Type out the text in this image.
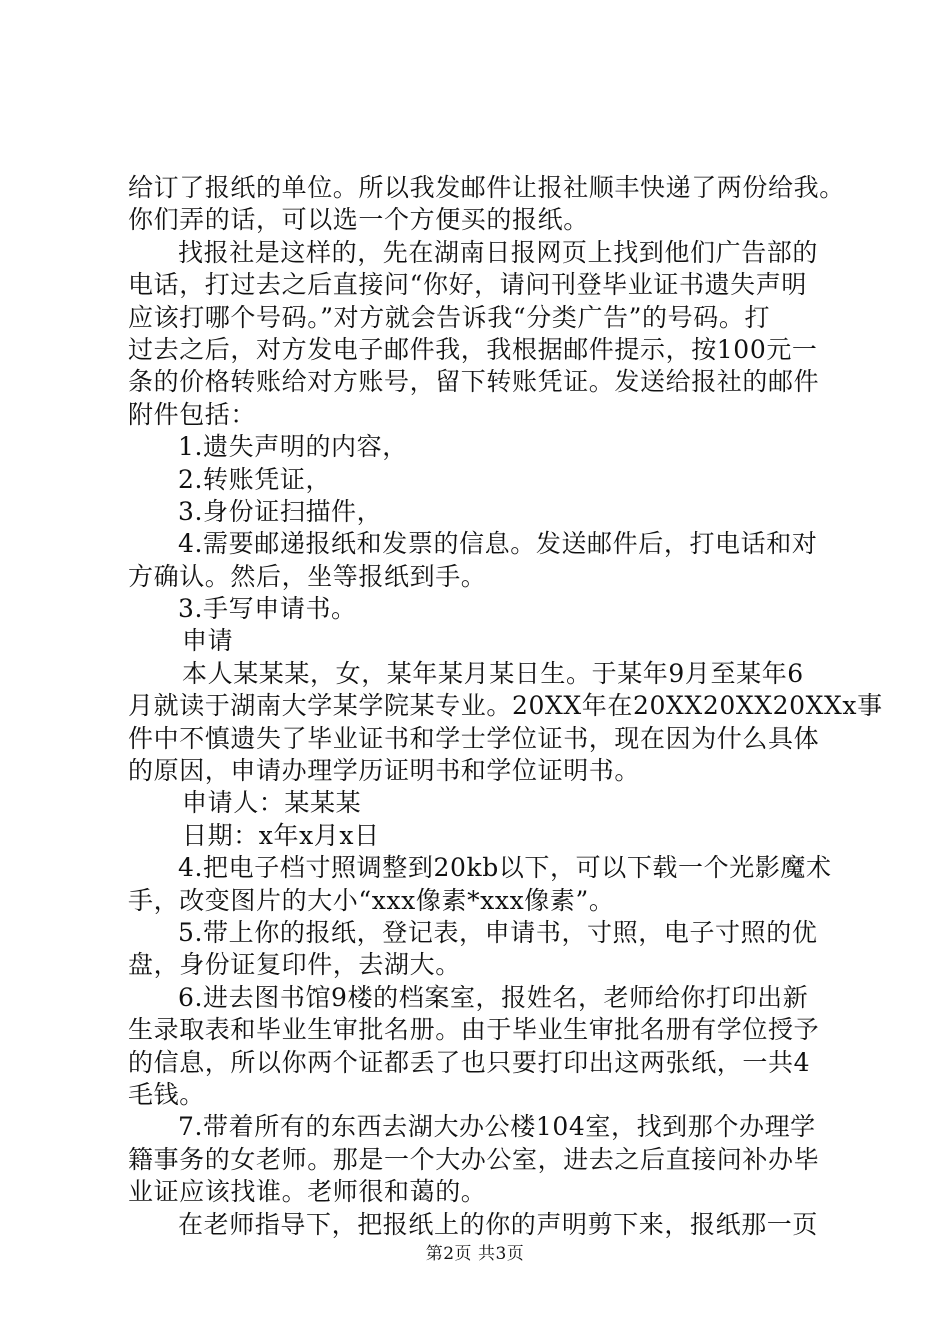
给订了报纸的单位。所以我发邮件让报社顺丰快递了两份给我。
你们弄的话，可以选一个方便买的报纸。
找报社是这样的，先在湖南日报网页上找到他们广告部的
电话，打过去之后直接问“你好，请问刊登毕业证书遗失声明
应该打哪个号码。”对方就会告诉我“分类广告”的号码。打
过去之后，对方发电子邮件我，我根据邮件提示，按100元一
条的价格转账给对方账号，留下转账凭证。发送给报社的邮件
附件包括：
1.遗失声明的内容，
2.转账凭证，
3.身份证扫描件，
4.需要邮递报纸和发票的信息。发送邮件后，打电话和对
方确认。然后，坐等报纸到手。
3.手写申请书。
申请
本人某某某，女，某年某月某日生。于某年9月至某年6
月就读于湖南大学某学院某专业。20XX年在20XX20XX20XXx事
件中不慎遗失了毕业证书和学士学位证书，现在因为什么具体
的原因，申请办理学历证明书和学位证明书。
申请人：某某某
日期：x年x月x日
4.把电子档寸照调整到20kb以下，可以下载一个光影魔术
手，改变图片的大小“xxx像素*xxx像素”。
5.带上你的报纸，登记表，申请书，寸照，电子寸照的优
盘，身份证复印件，去湖大。
6.进去图书馆9楼的档案室，报姓名，老师给你打印出新
生录取表和毕业生审批名册。由于毕业生审批名册有学位授予
的信息，所以你两个证都丢了也只要打印出这两张纸，一共4
毛钱。
7.带着所有的东西去湖大办公楼104室，找到那个办理学
籍事务的女老师。那是一个大办公室，进去之后直接问补办毕
业证应该找谁。老师很和蔼的。
在老师指导下，把报纸上的你的声明剪下来，报纸那一页
第2页 共3页
